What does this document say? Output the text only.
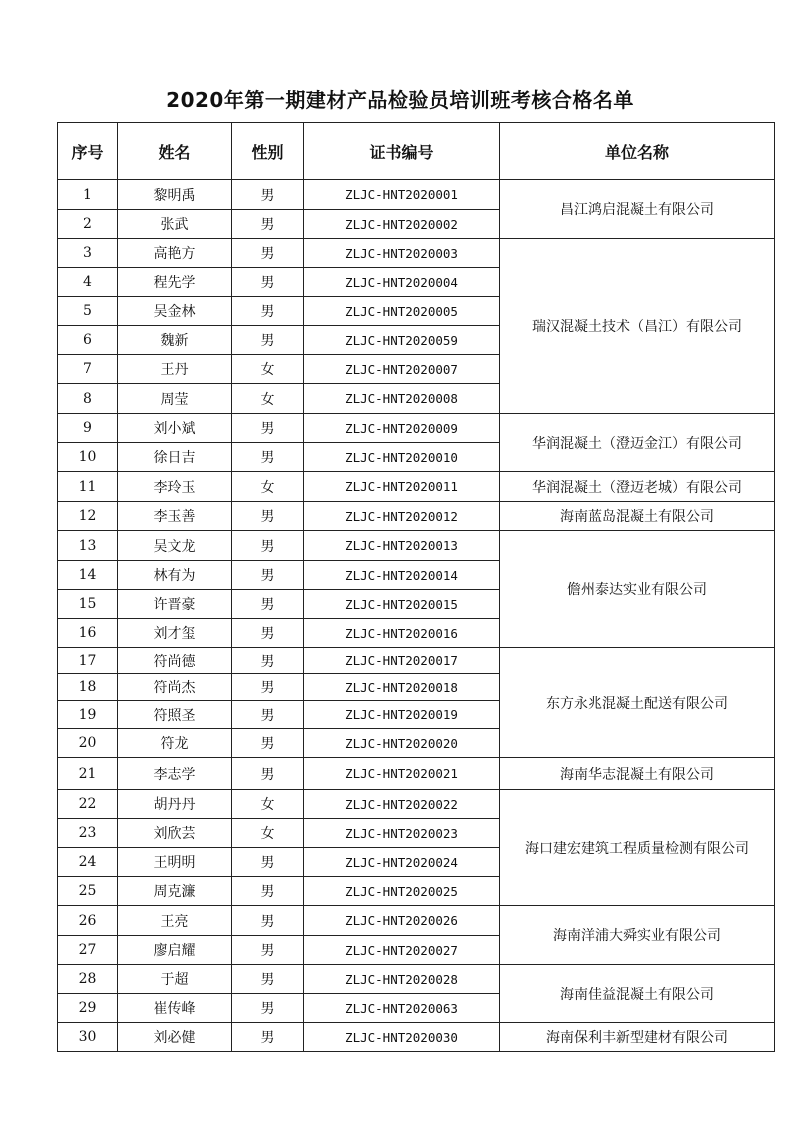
2020年第一期建材产品检验员培训班考核合格名单
序号	姓名	性别	证书编号	单位名称
1	黎明禹	男	ZLJC-HNT2020001	昌江鸿启混凝土有限公司
2	张武	男	ZLJC-HNT2020002	
3	高艳方	男	ZLJC-HNT2020003	瑞汉混凝土技术（昌江）有限公司
4	程先学	男	ZLJC-HNT2020004	
5	吴金林	男	ZLJC-HNT2020005	
6	魏新	男	ZLJC-HNT2020059	
7	王丹	女	ZLJC-HNT2020007	
8	周莹	女	ZLJC-HNT2020008	
9	刘小斌	男	ZLJC-HNT2020009	华润混凝土（澄迈金江）有限公司
10	徐日吉	男	ZLJC-HNT2020010	
11	李玲玉	女	ZLJC-HNT2020011	华润混凝土（澄迈老城）有限公司
12	李玉善	男	ZLJC-HNT2020012	海南蓝岛混凝土有限公司
13	吴文龙	男	ZLJC-HNT2020013	儋州泰达实业有限公司
14	林有为	男	ZLJC-HNT2020014	
15	许晋豪	男	ZLJC-HNT2020015	
16	刘才玺	男	ZLJC-HNT2020016	
17	符尚德	男	ZLJC-HNT2020017	东方永兆混凝土配送有限公司
18	符尚杰	男	ZLJC-HNT2020018	
19	符照圣	男	ZLJC-HNT2020019	
20	符龙	男	ZLJC-HNT2020020	
21	李志学	男	ZLJC-HNT2020021	海南华志混凝土有限公司
22	胡丹丹	女	ZLJC-HNT2020022	海口建宏建筑工程质量检测有限公司
23	刘欣芸	女	ZLJC-HNT2020023	
24	王明明	男	ZLJC-HNT2020024	
25	周克濂	男	ZLJC-HNT2020025	
26	王亮	男	ZLJC-HNT2020026	海南洋浦大舜实业有限公司
27	廖启耀	男	ZLJC-HNT2020027	
28	于超	男	ZLJC-HNT2020028	海南佳益混凝土有限公司
29	崔传峰	男	ZLJC-HNT2020063	
30	刘必健	男	ZLJC-HNT2020030	海南保利丰新型建材有限公司
